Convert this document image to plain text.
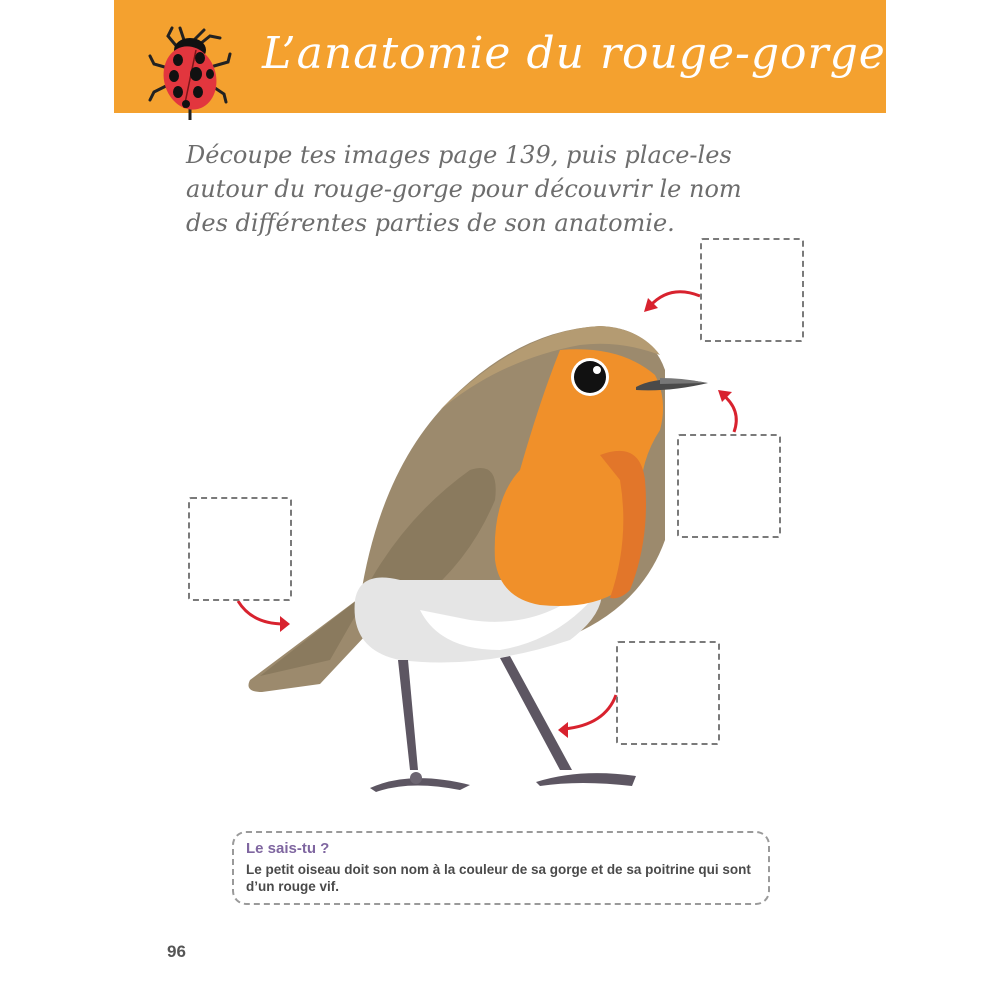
L’anatomie du rouge-gorge
Découpe tes images page 139, puis place-les autour du rouge-gorge pour découvrir le nom des différentes parties de son anatomie.
Le sais-tu ?
Le petit oiseau doit son nom à la couleur de sa gorge et de sa poitrine qui sont d’un rouge vif.
96
